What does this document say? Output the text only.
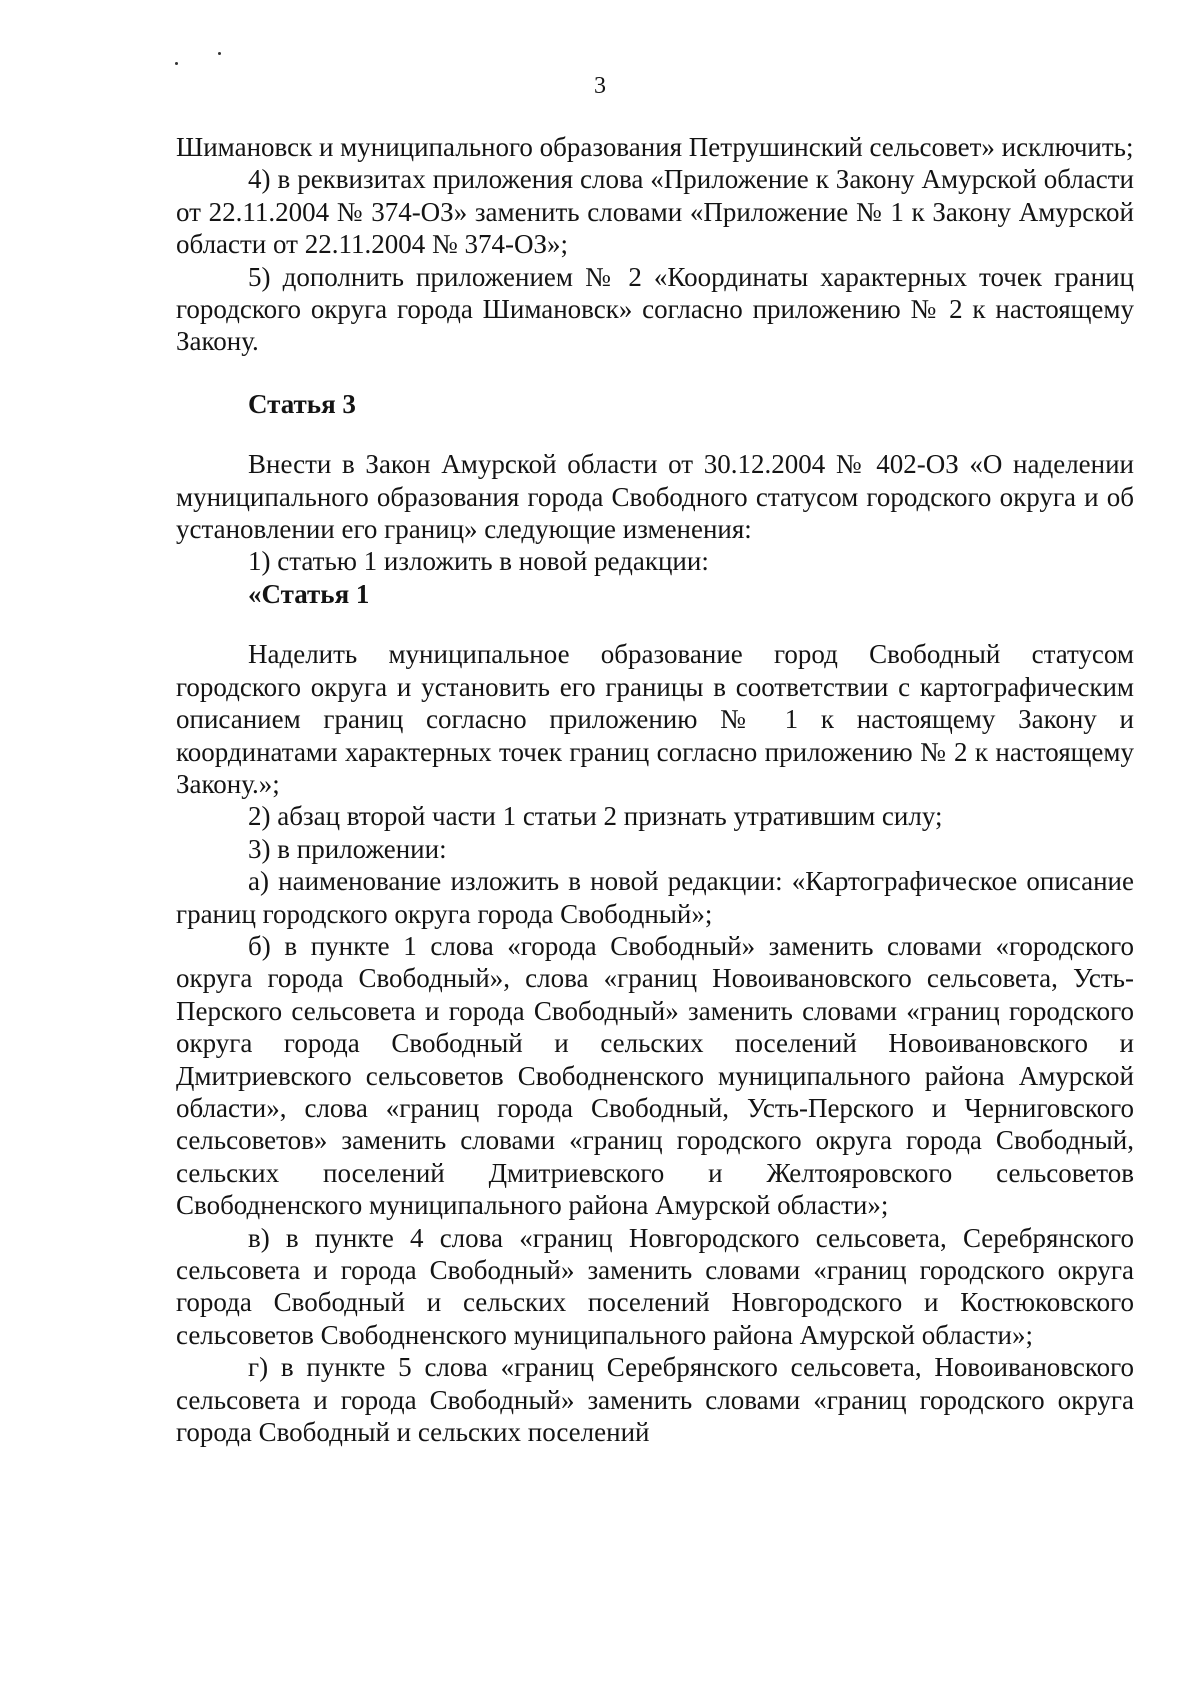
3

Шимановск и муниципального образования Петрушинский сельсовет» исключить;

4) в реквизитах приложения слова «Приложение к Закону Амурской области от 22.11.2004 № 374-ОЗ» заменить словами «Приложение № 1 к Закону Амурской области от 22.11.2004 № 374-ОЗ»;

5) дополнить приложением № 2 «Координаты характерных точек границ городского округа города Шимановск» согласно приложению № 2 к настоящему Закону.

Статья 3

Внести в Закон Амурской области от 30.12.2004 № 402-ОЗ «О наделении муниципального образования города Свободного статусом городского округа и об установлении его границ» следующие изменения:

1) статью 1 изложить в новой редакции:

«Статья 1

Наделить муниципальное образование город Свободный статусом городского округа и установить его границы в соответствии с картографическим описанием границ согласно приложению № 1 к настоящему Закону и координатами характерных точек границ согласно приложению № 2 к настоящему Закону.»;

2) абзац второй части 1 статьи 2 признать утратившим силу;

3) в приложении:

а) наименование изложить в новой редакции: «Картографическое описание границ городского округа города Свободный»;

б) в пункте 1 слова «города Свободный» заменить словами «городского округа города Свободный», слова «границ Новоивановского сельсовета, Усть-Перского сельсовета и города Свободный» заменить словами «границ городского округа города Свободный и сельских поселений Новоивановского и Дмитриевского сельсоветов Свободненского муниципального района Амурской области», слова «границ города Свободный, Усть-Перского и Черниговского сельсоветов» заменить словами «границ городского округа города Свободный, сельских поселений Дмитриевского и Желтояровского сельсоветов Свободненского муниципального района Амурской области»;

в) в пункте 4 слова «границ Новгородского сельсовета, Серебрянского сельсовета и города Свободный» заменить словами «границ городского округа города Свободный и сельских поселений Новгородского и Костюковского сельсоветов Свободненского муниципального района Амурской области»;

г) в пункте 5 слова «границ Серебрянского сельсовета, Новоивановского сельсовета и города Свободный» заменить словами «границ городского округа города Свободный и сельских поселений
